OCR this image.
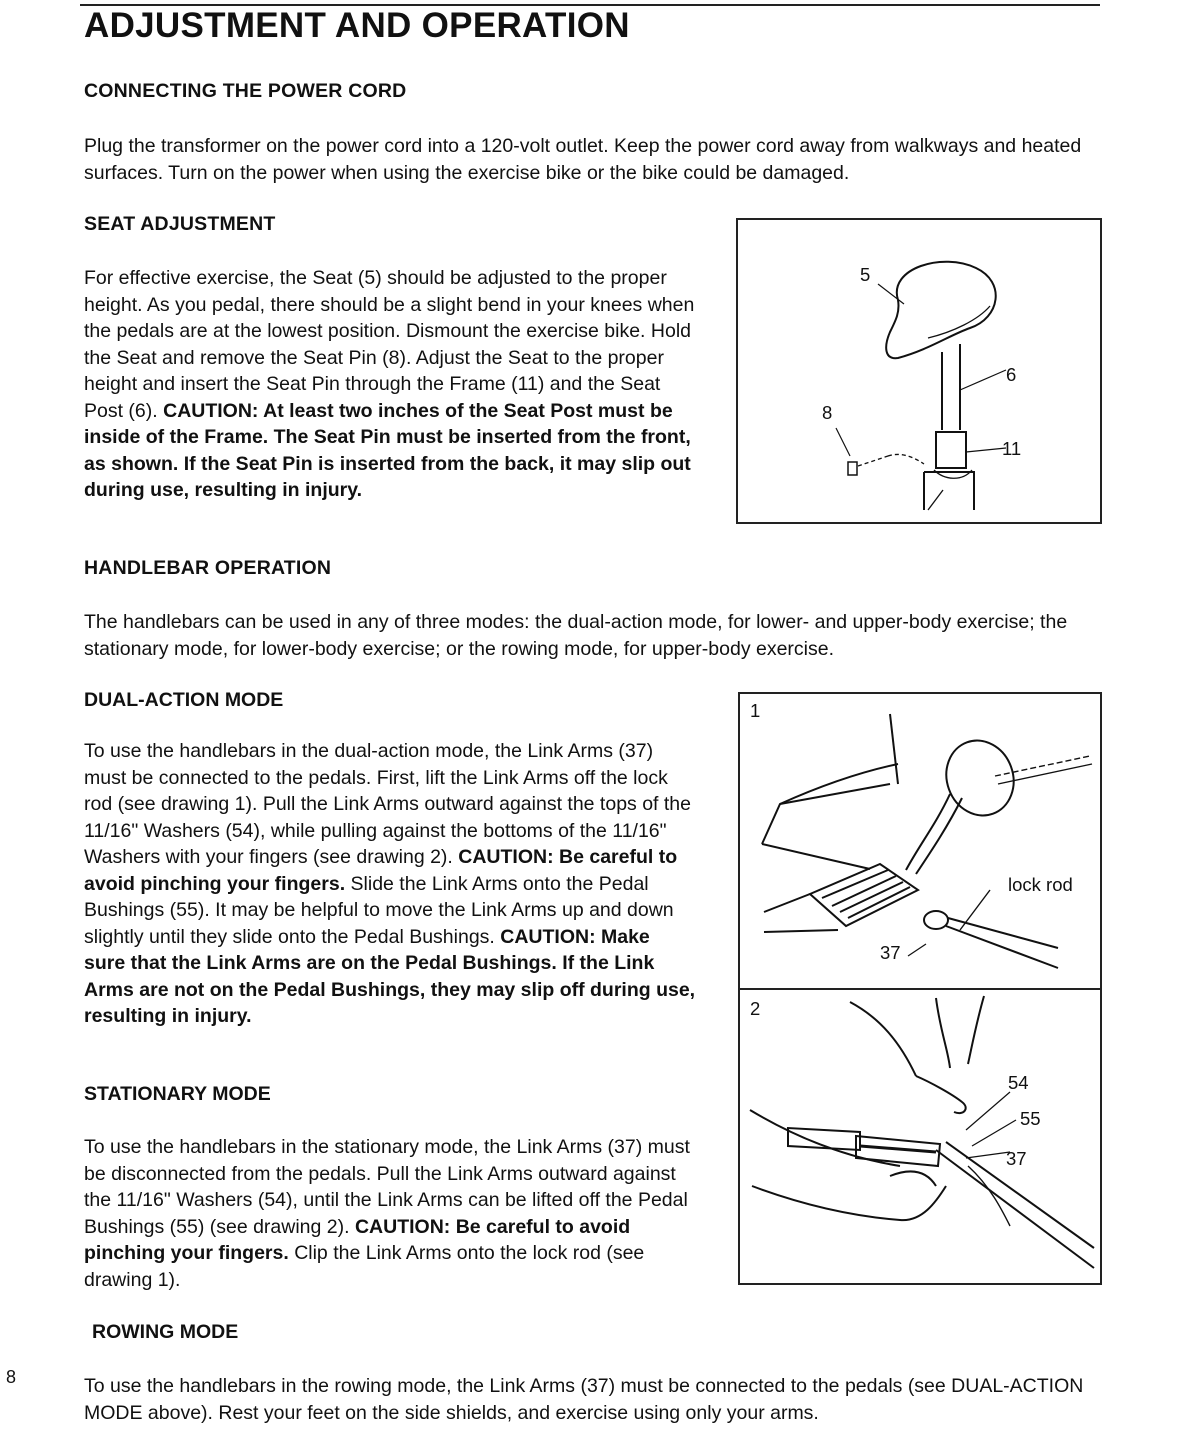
ADJUSTMENT AND OPERATION
CONNECTING THE POWER CORD

Plug the transformer on the power cord into a 120-volt outlet. Keep the power cord away from walkways and heated surfaces. Turn on the power when using the exercise bike or the bike could be damaged.

SEAT ADJUSTMENT

For effective exercise, the Seat (5) should be adjusted to the proper height. As you pedal, there should be a slight bend in your knees when the pedals are at the lowest position. Dismount the exercise bike. Hold the Seat and remove the Seat Pin (8). Adjust the Seat to the proper height and insert the Seat Pin through the Frame (11) and the Seat Post (6). CAUTION: At least two inches of the Seat Post must be inside of the Frame. The Seat Pin must be inserted from the front, as shown. If the Seat Pin is inserted from the back, it may slip out during use, resulting in injury.

5
6
8
11
HANDLEBAR OPERATION

The handlebars can be used in any of three modes: the dual-action mode, for lower- and upper-body exercise; the stationary mode, for lower-body exercise; or the rowing mode, for upper-body exercise.

DUAL-ACTION MODE

To use the handlebars in the dual-action mode, the Link Arms (37) must be connected to the pedals. First, lift the Link Arms off the lock rod (see drawing 1). Pull the Link Arms outward against the tops of the 11/16" Washers (54), while pulling against the bottoms of the 11/16" Washers with your fingers (see drawing 2). CAUTION: Be careful to avoid pinching your fingers. Slide the Link Arms onto the Pedal Bushings (55). It may be helpful to move the Link Arms up and down slightly until they slide onto the Pedal Bushings. CAUTION: Make sure that the Link Arms are on the Pedal Bushings. If the Link Arms are not on the Pedal Bushings, they may slip off during use, resulting in injury.

STATIONARY MODE

To use the handlebars in the stationary mode, the Link Arms (37) must be disconnected from the pedals. Pull the Link Arms outward against the 11/16" Washers (54), until the Link Arms can be lifted off the Pedal Bushings (55) (see drawing 2). CAUTION: Be careful to avoid pinching your fingers. Clip the Link Arms onto the lock rod (see drawing 1).

1
lock rod
37
2
54
55
37
ROWING MODE

To use the handlebars in the rowing mode, the Link Arms (37) must be connected to the pedals (see DUAL-ACTION MODE above). Rest your feet on the side shields, and exercise using only your arms.

8
